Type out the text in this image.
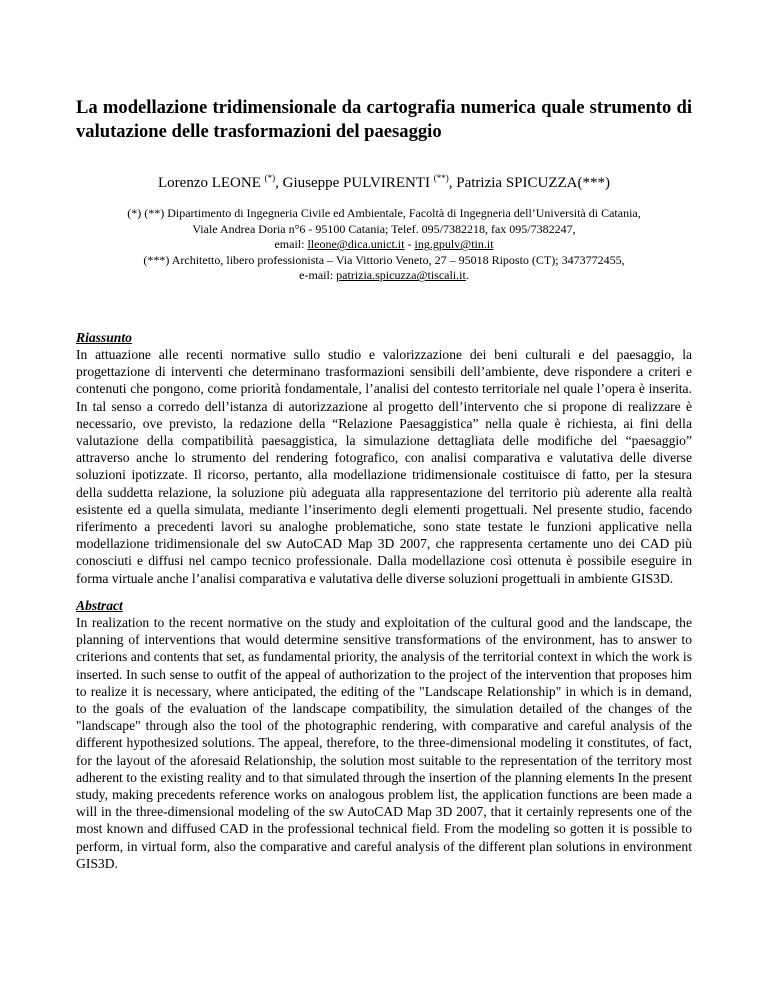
La modellazione tridimensionale da cartografia numerica quale strumento di valutazione delle trasformazioni del paesaggio
Lorenzo LEONE (*), Giuseppe PULVIRENTI (**), Patrizia SPICUZZA(***)
(*) (**) Dipartimento di Ingegneria Civile ed Ambientale, Facoltà di Ingegneria dell’Università di Catania,
Viale Andrea Doria n°6 - 95100 Catania; Telef. 095/7382218, fax 095/7382247,
email: lleone@dica.unict.it - ing.gpulv@tin.it
(***) Architetto, libero professionista – Via Vittorio Veneto, 27 – 95018 Riposto (CT); 3473772455,
e-mail: patrizia.spicuzza@tiscali.it.
Riassunto
In attuazione alle recenti normative sullo studio e valorizzazione dei beni culturali e del paesaggio, la progettazione di interventi che determinano trasformazioni sensibili dell’ambiente, deve rispondere a criteri e contenuti che pongono, come priorità fondamentale, l’analisi del contesto territoriale nel quale l’opera è inserita. In tal senso a corredo dell’istanza di autorizzazione al progetto dell’intervento che si propone di realizzare è necessario, ove previsto, la redazione della “Relazione Paesaggistica” nella quale è richiesta, ai fini della valutazione della compatibilità paesaggistica, la simulazione dettagliata delle modifiche del “paesaggio” attraverso anche lo strumento del rendering fotografico, con analisi comparativa e valutativa delle diverse soluzioni ipotizzate. Il ricorso, pertanto, alla modellazione tridimensionale costituisce di fatto, per la stesura della suddetta relazione, la soluzione più adeguata alla rappresentazione del territorio più aderente alla realtà esistente ed a quella simulata, mediante l’inserimento degli elementi progettuali. Nel presente studio, facendo riferimento a precedenti lavori su analoghe problematiche, sono state testate le funzioni applicative nella modellazione tridimensionale del sw AutoCAD Map 3D 2007, che rappresenta certamente uno dei CAD più conosciuti e diffusi nel campo tecnico professionale. Dalla modellazione così ottenuta è possibile eseguire in forma virtuale anche l’analisi comparativa e valutativa delle diverse soluzioni progettuali in ambiente GIS3D.
Abstract
In realization to the recent normative on the study and exploitation of the cultural good and the landscape, the planning of interventions that would determine sensitive transformations of the environment, has to answer to criterions and contents that set, as fundamental priority, the analysis of the territorial context in which the work is inserted. In such sense to outfit of the appeal of authorization to the project of the intervention that proposes him to realize it is necessary, where anticipated, the editing of the "Landscape Relationship" in which is in demand, to the goals of the evaluation of the landscape compatibility, the simulation detailed of the changes of the "landscape" through also the tool of the photographic rendering, with comparative and careful analysis of the different hypothesized solutions. The appeal, therefore, to the three-dimensional modeling it constitutes, of fact, for the layout of the aforesaid Relationship, the solution most suitable to the representation of the territory most adherent to the existing reality and to that simulated through the insertion of the planning elements In the present study, making precedents reference works on analogous problem list, the application functions are been made a will in the three-dimensional modeling of the sw AutoCAD Map 3D 2007, that it certainly represents one of the most known and diffused CAD in the professional technical field. From the modeling so gotten it is possible to perform, in virtual form, also the comparative and careful analysis of the different plan solutions in environment GIS3D.
